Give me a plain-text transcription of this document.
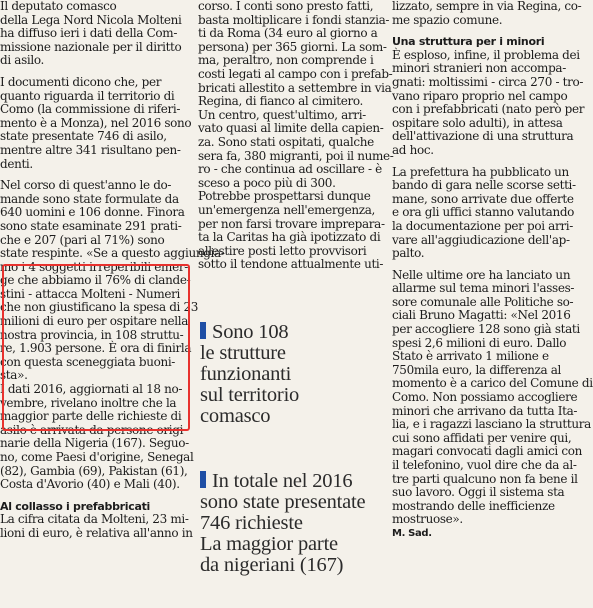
Il deputato comasco
della Lega Nord Nicola Molteni
ha diffuso ieri i dati della Com-
missione nazionale per il diritto
di asilo.
I documenti dicono che, per
quanto riguarda il territorio di
Como (la commissione di riferi-
mento è a Monza), nel 2016 sono
state presentate 746 di asilo,
mentre altre 341 risultano pen-
denti.
Nel corso di quest'anno le do-
mande sono state formulate da
640 uomini e 106 donne. Finora
sono state esaminate 291 prati-
che e 207 (pari al 71%) sono
state respinte. «Se a questo aggiungia-
mo i 4 soggetti irreperibili emer-
ge che abbiamo il 76% di clande-
stini - attacca Molteni - Numeri
che non giustificano la spesa di 23
milioni di euro per ospitare nella
nostra provincia, in 108 struttu-
re, 1.903 persone. È ora di finirla
con questa sceneggiata buoni-
sta».
I dati 2016, aggiornati al 18 no-
vembre, rivelano inoltre che la
maggior parte delle richieste di
asilo è arrivata da persone origi-
narie della Nigeria (167). Seguo-
no, come Paesi d'origine, Senegal
(82), Gambia (69), Pakistan (61),
Costa d'Avorio (40) e Mali (40).
Al collasso i prefabbricati
La cifra citata da Molteni, 23 mi-
lioni di euro, è relativa all'anno in
corso. I conti sono presto fatti,
basta moltiplicare i fondi stanzia-
ti da Roma (34 euro al giorno a
persona) per 365 giorni. La som-
ma, peraltro, non comprende i
costi legati al campo con i prefab-
bricati allestito a settembre in via
Regina, di fianco al cimitero.
Un centro, quest'ultimo, arri-
vato quasi al limite della capien-
za. Sono stati ospitati, qualche
sera fa, 380 migranti, poi il nume-
ro - che continua ad oscillare - è
sceso a poco più di 300.
Potrebbe prospettarsi dunque
un'emergenza nell'emergenza,
per non farsi trovare imprepara-
ta la Caritas ha già ipotizzato di
allestire posti letto provvisori
sotto il tendone attualmente uti-
lizzato, sempre in via Regina, co-
me spazio comune.
Una struttura per i minori
È esploso, infine, il problema dei
minori stranieri non accompa-
gnati: moltissimi - circa 270 - tro-
vano riparo proprio nel campo
con i prefabbricati (nato però per
ospitare solo adulti), in attesa
dell'attivazione di una struttura
ad hoc.
La prefettura ha pubblicato un
bando di gara nelle scorse setti-
mane, sono arrivate due offerte
e ora gli uffici stanno valutando
la documentazione per poi arri-
vare all'aggiudicazione dell'ap-
palto.
Nelle ultime ore ha lanciato un
allarme sul tema minori l'asses-
sore comunale alle Politiche so-
ciali Bruno Magatti: «Nel 2016
per accogliere 128 sono già stati
spesi 2,6 milioni di euro. Dallo
Stato è arrivato 1 milione e
750mila euro, la differenza al
momento è a carico del Comune di
Como. Non possiamo accogliere
minori che arrivano da tutta Ita-
lia, e i ragazzi lasciano la struttura
cui sono affidati per venire qui,
magari convocati dagli amici con
il telefonino, vuol dire che da al-
tre parti qualcuno non fa bene il
suo lavoro. Oggi il sistema sta
mostrando delle inefficienze
mostruose».
M. Sad.
Sono 108
le strutture
funzionanti
sul territorio
comasco
In totale nel 2016
sono state presentate
746 richieste
La maggior parte
da nigeriani (167)
